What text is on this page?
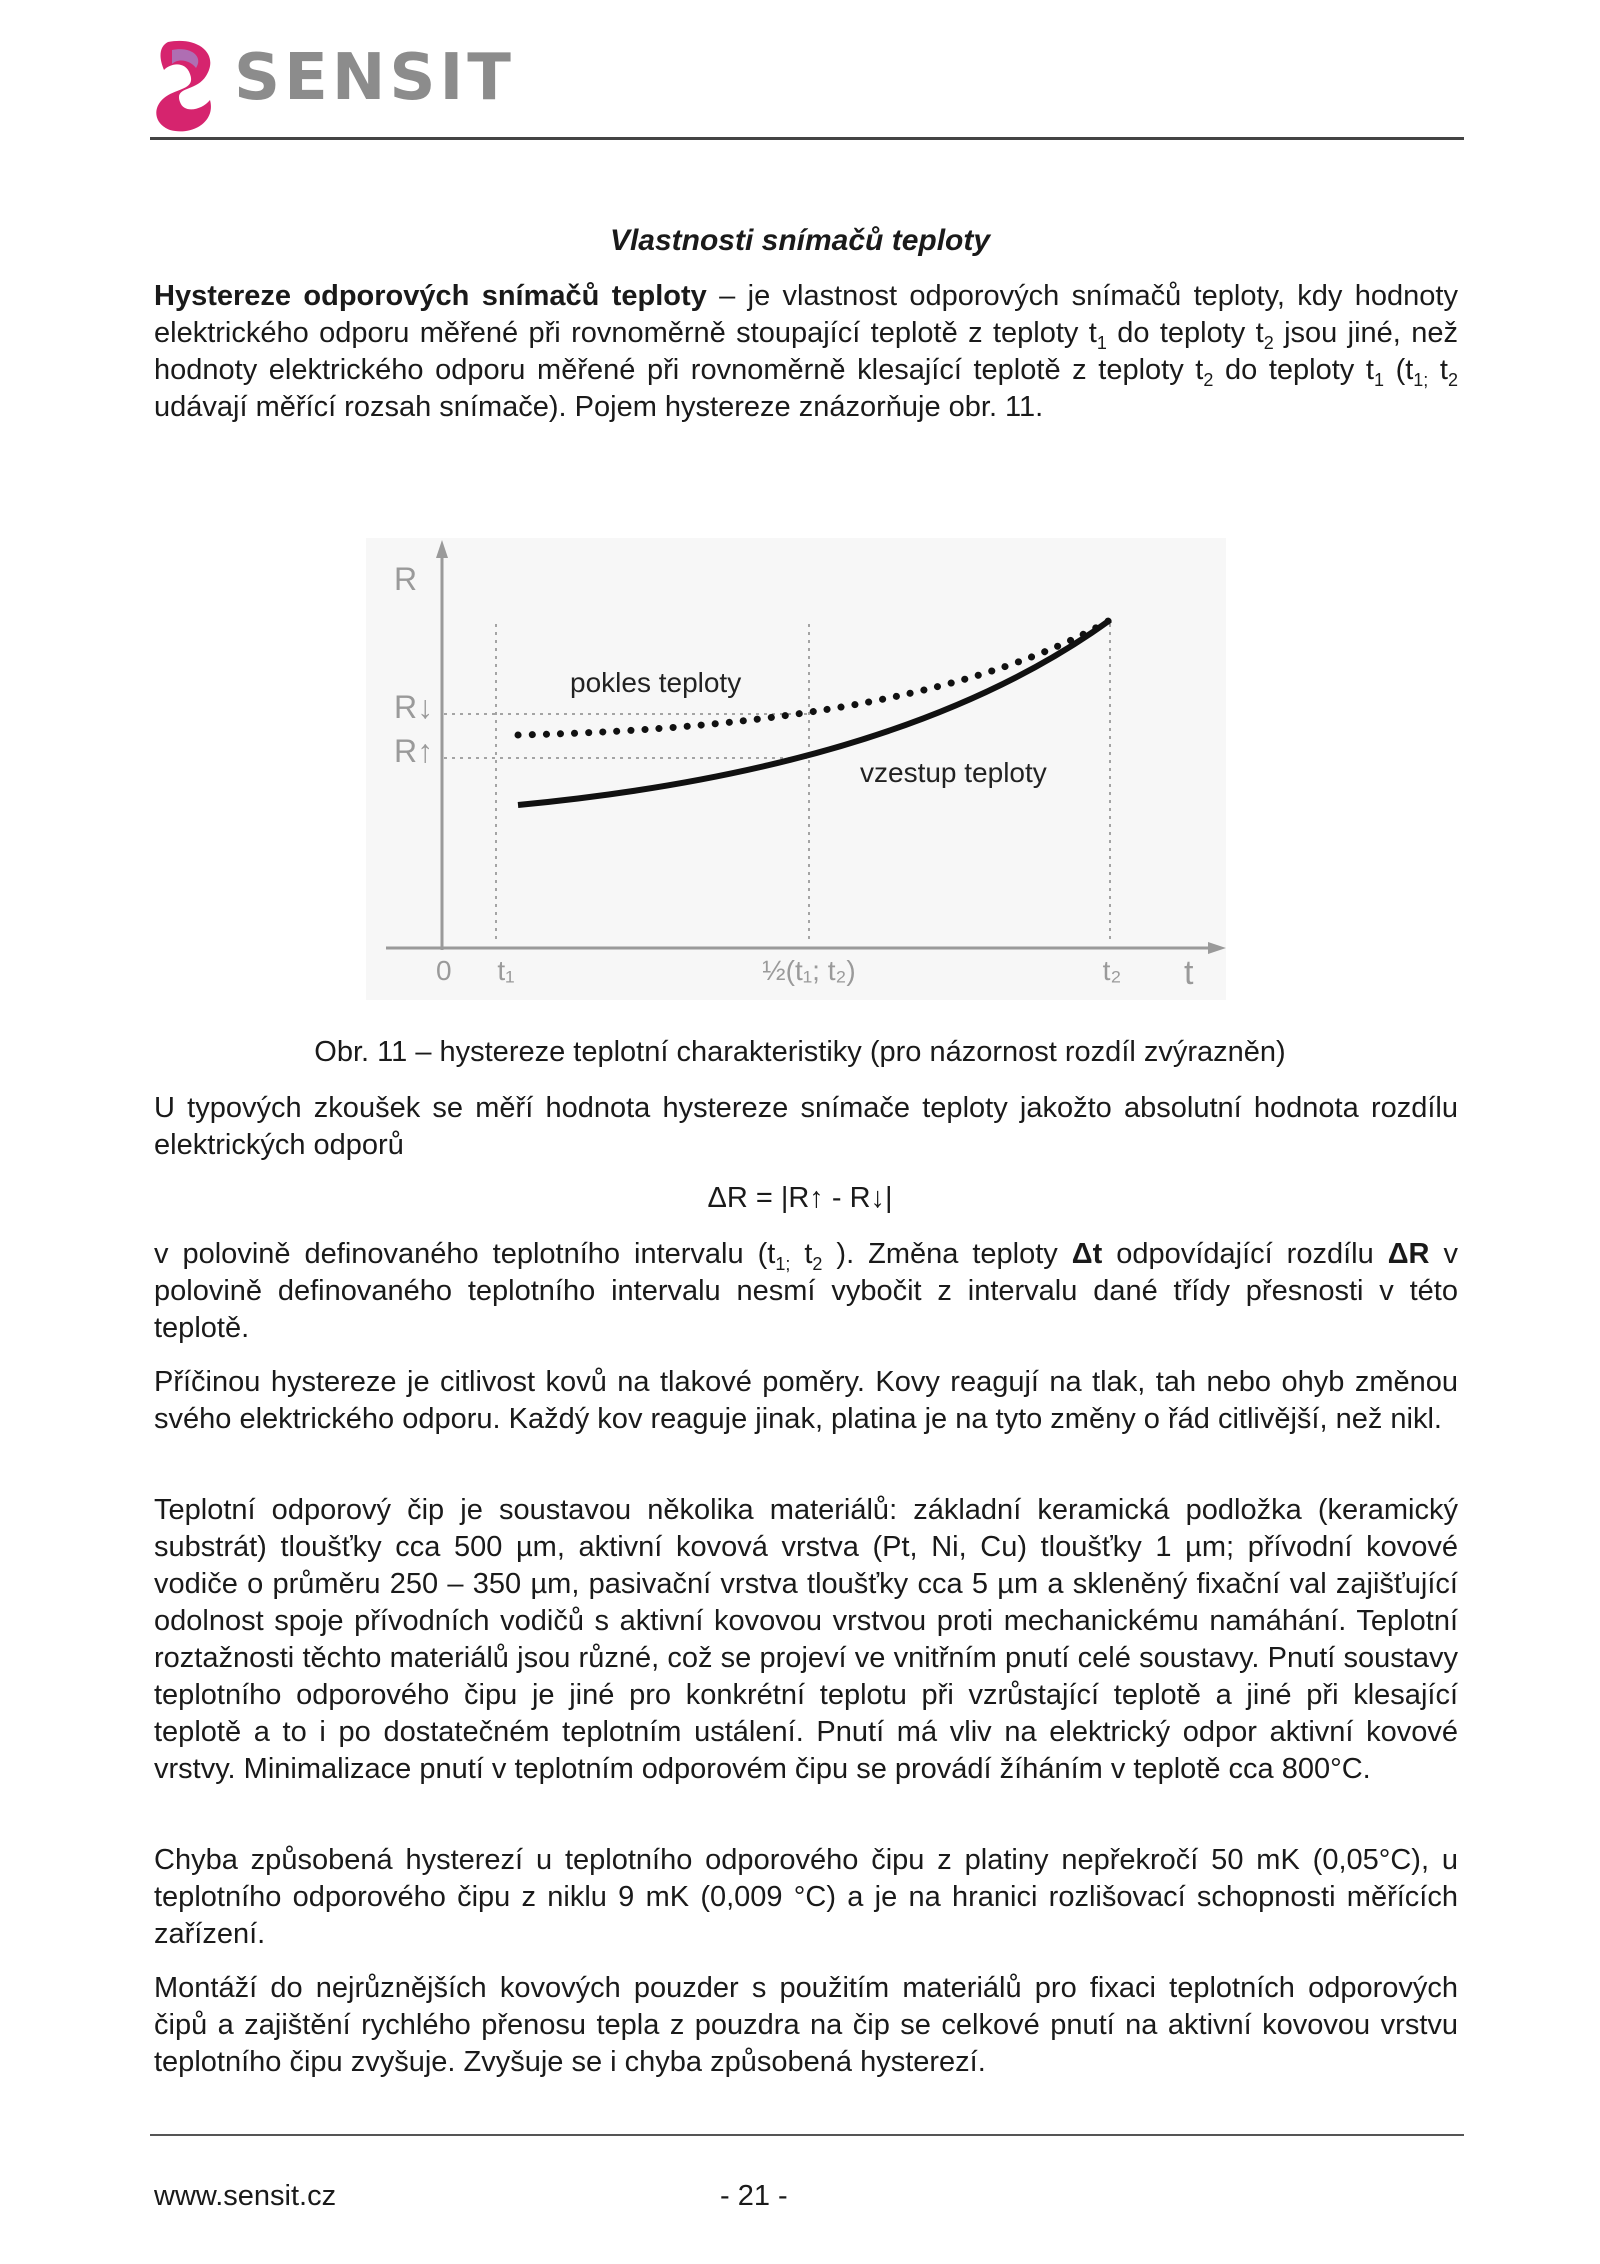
SENSIT
Vlastnosti snímačů teploty

Hystereze odporových snímačů teploty – je vlastnost odporových snímačů teploty, kdy hodnoty elektrického odporu měřené při rovnoměrně stoupající teplotě z teploty $t_1$ do teploty $t_2$ jsou jiné, než hodnoty elektrického odporu měřené při rovnoměrně klesající teplotě z teploty $t_2$ do teploty $t_1$ ($t_{1;}$ $t_2$ udávají měřící rozsah snímače). Pojem hystereze znázorňuje obr. 11.

R
R↓
R↑
0 t₁	½(t₁; t₂)	t₂ t
pokles teploty
vzestup teploty
Obr. 11 – hystereze teplotní charakteristiky (pro názornost rozdíl zvýrazněn)

U typových zkoušek se měří hodnota hystereze snímače teploty jakožto absolutní hodnota rozdílu elektrických odporů

ΔR = |R↑ - R↓|

v polovině definovaného teplotního intervalu ($t_{1;}$ $t_2$ ). Změna teploty Δt odpovídající rozdílu ΔR v polovině definovaného teplotního intervalu nesmí vybočit z intervalu dané třídy přesnosti v této teplotě.

Příčinou hystereze je citlivost kovů na tlakové poměry. Kovy reagují na tlak, tah nebo ohyb změnou svého elektrického odporu. Každý kov reaguje jinak, platina je na tyto změny o řád citlivější, než nikl.

Teplotní odporový čip je soustavou několika materiálů: základní keramická podložka (keramický substrát) tloušťky cca 500 µm, aktivní kovová vrstva (Pt, Ni, Cu) tloušťky 1 µm; přívodní kovové vodiče o průměru 250 – 350 µm, pasivační vrstva tloušťky cca 5 µm a skleněný fixační val zajišťující odolnost spoje přívodních vodičů s aktivní kovovou vrstvou proti mechanickému namáhání. Teplotní roztažnosti těchto materiálů jsou různé, což se projeví ve vnitřním pnutí celé soustavy. Pnutí soustavy teplotního odporového čipu je jiné pro konkrétní teplotu při vzrůstající teplotě a jiné při klesající teplotě a to i po dostatečném teplotním ustálení. Pnutí má vliv na elektrický odpor aktivní kovové vrstvy. Minimalizace pnutí v teplotním odporovém čipu se provádí žíháním v teplotě cca 800°C.

Chyba způsobená hysterezí u teplotního odporového čipu z platiny nepřekročí 50 mK (0,05°C), u teplotního odporového čipu z niklu 9 mK (0,009 °C) a je na hranici rozlišovací schopnosti měřících zařízení.

Montáží do nejrůznějších kovových pouzder s použitím materiálů pro fixaci teplotních odporových čipů a zajištění rychlého přenosu tepla z pouzdra na čip se celkové pnutí na aktivní kovovou vrstvu teplotního čipu zvyšuje. Zvyšuje se i chyba způsobená hysterezí.

www.sensit.cz	- 21 -
